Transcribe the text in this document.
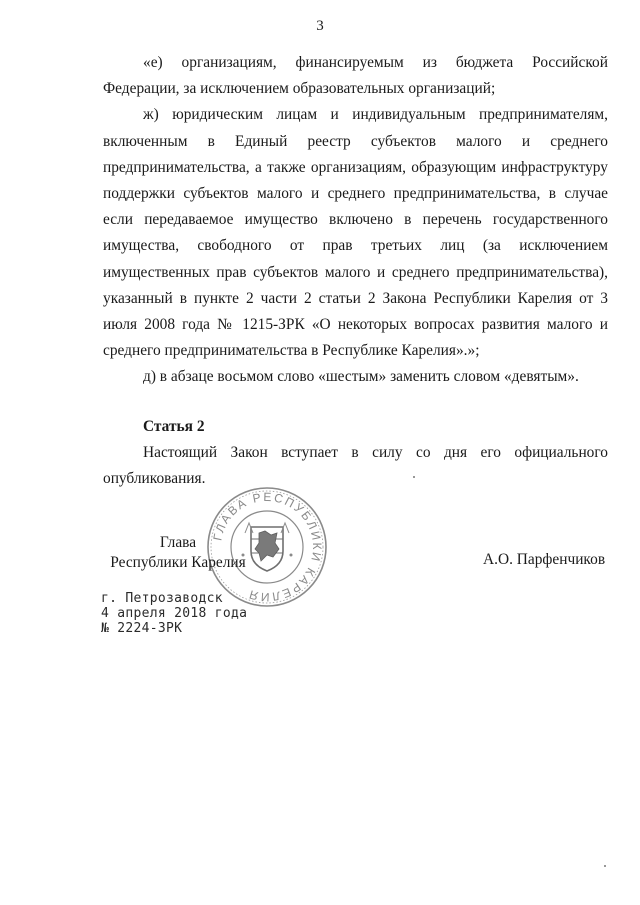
3

«е) организациям, финансируемым из бюджета Российской Федерации, за исключением образовательных организаций;

ж) юридическим лицам и индивидуальным предпринимателям, включенным в Единый реестр субъектов малого и среднего предпринимательства, а также организациям, образующим инфраструктуру поддержки субъектов малого и среднего предпринимательства, в случае если передаваемое имущество включено в перечень государственного имущества, свободного от прав третьих лиц (за исключением имущественных прав субъектов малого и среднего предпринимательства), указанный в пункте 2 части 2 статьи 2 Закона Республики Карелия от 3 июля 2008 года № 1215-ЗРК «О некоторых вопросах развития малого и среднего предпринимательства в Республике Карелия».»;

д) в абзаце восьмом слово «шестым» заменить словом «девятым».

Статья 2

Настоящий Закон вступает в силу со дня его официального опубликования.

ГЛАВА РЕСПУБЛИКИ КАРЕЛИЯ
Глава
Республики Карелия	А.О. Парфенчиков
г. Петрозаводск
4 апреля 2018 года
№ 2224-ЗРК
